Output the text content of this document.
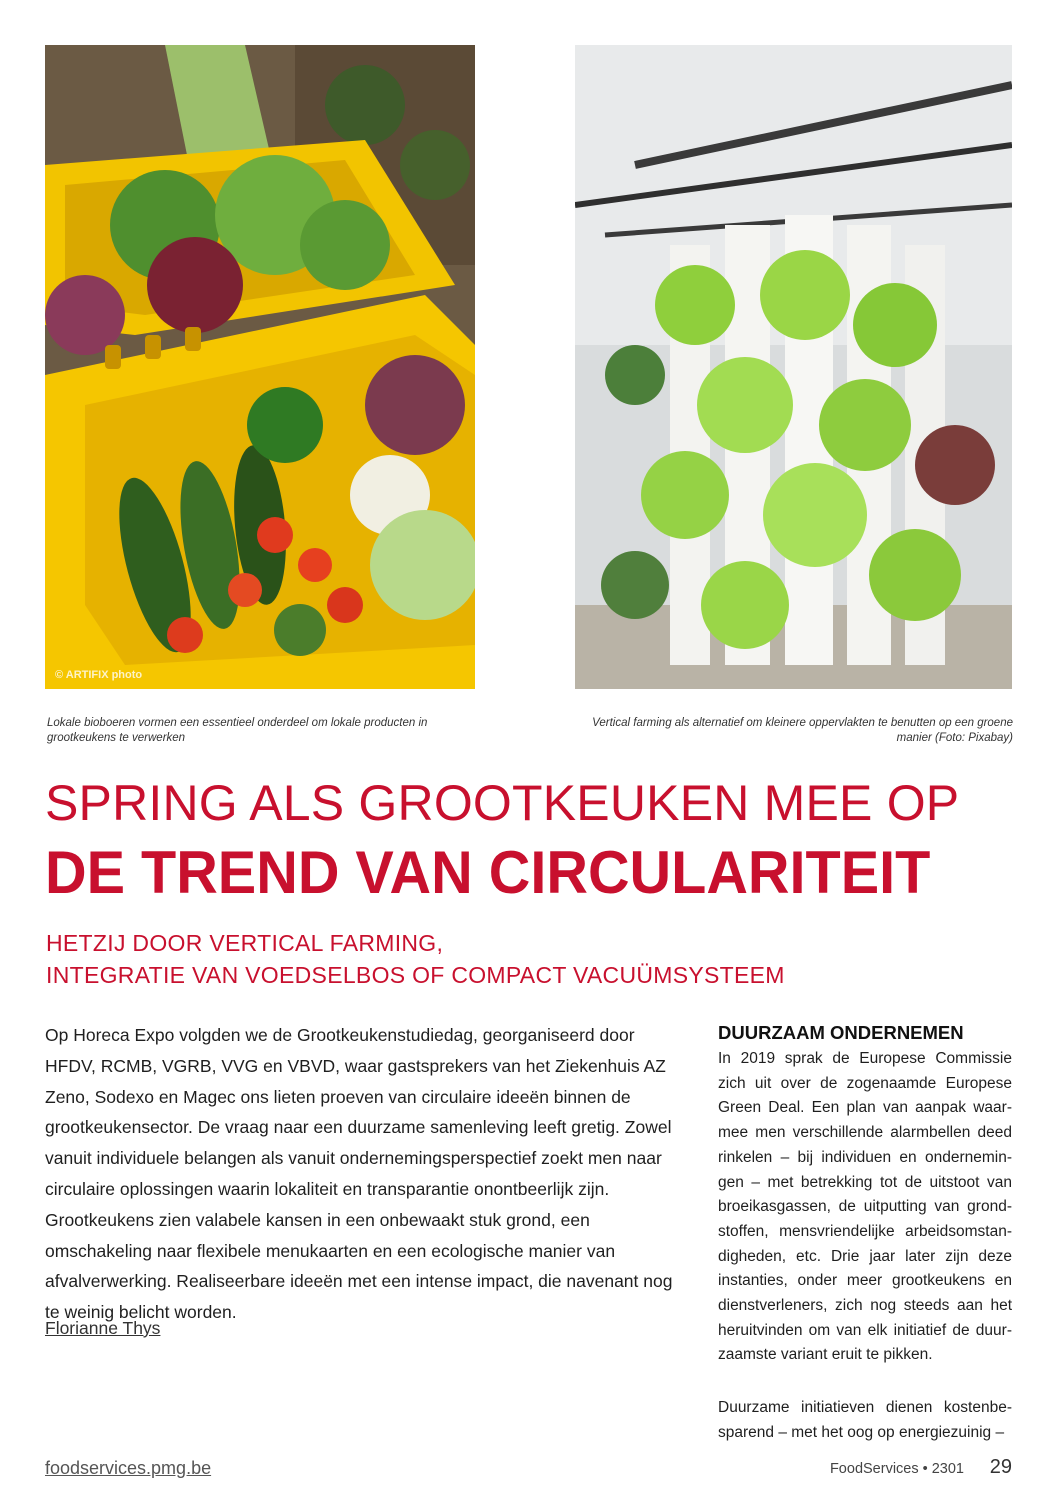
© ARTIFIX photo

Lokale bioboeren vormen een essentieel onderdeel om lokale producten in grootkeukens te verwerken

Vertical farming als alternatief om kleinere oppervlakten te benutten op een groene manier (Foto: Pixabay)

SPRING ALS GROOTKEUKEN MEE OP
DE TREND VAN CIRCULARITEIT
HETZIJ DOOR VERTICAL FARMING,
INTEGRATIE VAN VOEDSELBOS OF COMPACT VACUÜMSYSTEEM

Op Horeca Expo volgden we de Grootkeukenstudiedag, georganiseerd door HFDV, RCMB, VGRB, VVG en VBVD, waar gastsprekers van het Ziekenhuis AZ Zeno, Sodexo en Magec ons lieten proeven van circulaire ideeën binnen de grootkeukensector. De vraag naar een duurzame samenleving leeft gretig. Zowel vanuit individuele belangen als vanuit ondernemingsperspectief zoekt men naar circulaire oplossingen waarin lokaliteit en transparantie onontbeerlijk zijn. Grootkeukens zien valabele kansen in een onbewaakt stuk grond, een omschakeling naar flexibele menukaarten en een ecologische manier van afvalverwerking. Realiseerbare ideeën met een intense impact, die navenant nog te weinig belicht worden.

Florianne Thys

DUURZAAM ONDERNEMEN

In 2019 sprak de Europese Commissie zich uit over de zogenaamde Europese Green Deal. Een plan van aanpak waarmee men verschillende alarmbellen deed rinkelen – bij individuen en ondernemingen – met betrekking tot de uitstoot van broeikasgassen, de uitputting van grondstoffen, mensvriendelijke arbeidsomstandigheden, etc. Drie jaar later zijn deze instanties, onder meer grootkeukens en dienstverleners, zich nog steeds aan het heruitvinden om van elk initiatief de duurzaamste variant eruit te pikken.

Duurzame initiatieven dienen kostenbesparend – met het oog op energiezuinig –

foodservices.pmg.be	FoodServices • 2301 29
